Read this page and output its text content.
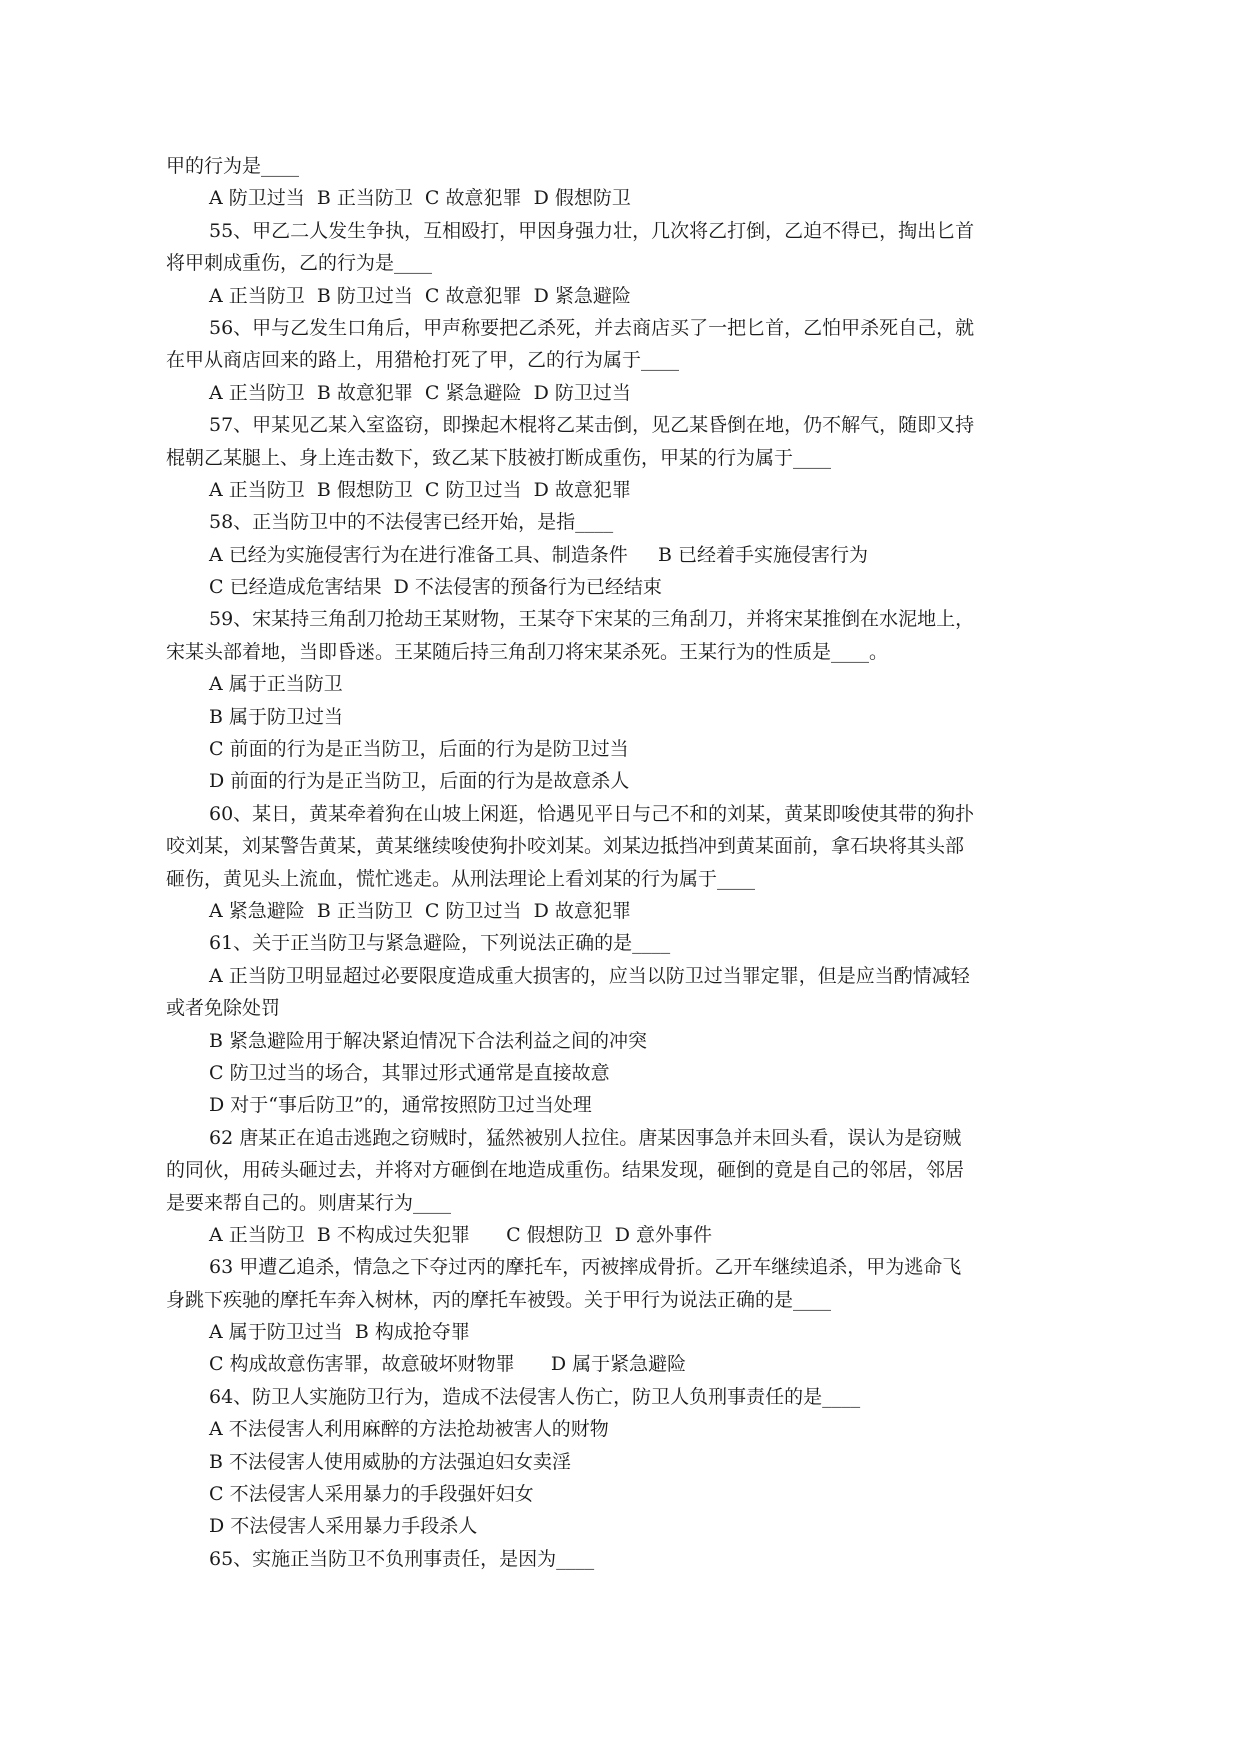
甲的行为是____
A 防卫过当  B 正当防卫  C 故意犯罪  D 假想防卫
55、甲乙二人发生争执，互相殴打，甲因身强力壮，几次将乙打倒，乙迫不得已，掏出匕首
将甲刺成重伤，乙的行为是____
A 正当防卫  B 防卫过当  C 故意犯罪  D 紧急避险
56、甲与乙发生口角后，甲声称要把乙杀死，并去商店买了一把匕首，乙怕甲杀死自己，就
在甲从商店回来的路上，用猎枪打死了甲，乙的行为属于____
A 正当防卫  B 故意犯罪  C 紧急避险  D 防卫过当
57、甲某见乙某入室盗窃，即操起木棍将乙某击倒，见乙某昏倒在地，仍不解气，随即又持
棍朝乙某腿上、身上连击数下，致乙某下肢被打断成重伤，甲某的行为属于____
A 正当防卫  B 假想防卫  C 防卫过当  D 故意犯罪
58、正当防卫中的不法侵害已经开始，是指____
A 已经为实施侵害行为在进行准备工具、制造条件     B 已经着手实施侵害行为
C 已经造成危害结果  D 不法侵害的预备行为已经结束
59、宋某持三角刮刀抢劫王某财物，王某夺下宋某的三角刮刀，并将宋某推倒在水泥地上，
宋某头部着地，当即昏迷。王某随后持三角刮刀将宋某杀死。王某行为的性质是____。
A 属于正当防卫
B 属于防卫过当
C 前面的行为是正当防卫，后面的行为是防卫过当
D 前面的行为是正当防卫，后面的行为是故意杀人
60、某日，黄某牵着狗在山坡上闲逛，恰遇见平日与己不和的刘某，黄某即唆使其带的狗扑
咬刘某，刘某警告黄某，黄某继续唆使狗扑咬刘某。刘某边抵挡冲到黄某面前，拿石块将其头部
砸伤，黄见头上流血，慌忙逃走。从刑法理论上看刘某的行为属于____
A 紧急避险  B 正当防卫  C 防卫过当  D 故意犯罪
61、关于正当防卫与紧急避险，下列说法正确的是____
A 正当防卫明显超过必要限度造成重大损害的，应当以防卫过当罪定罪，但是应当酌情减轻
或者免除处罚
B 紧急避险用于解决紧迫情况下合法利益之间的冲突
C 防卫过当的场合，其罪过形式通常是直接故意
D 对于“事后防卫”的，通常按照防卫过当处理
62 唐某正在追击逃跑之窃贼时，猛然被别人拉住。唐某因事急并未回头看，误认为是窃贼
的同伙，用砖头砸过去，并将对方砸倒在地造成重伤。结果发现，砸倒的竟是自己的邻居，邻居
是要来帮自己的。则唐某行为____
A 正当防卫  B 不构成过失犯罪      C 假想防卫  D 意外事件
63 甲遭乙追杀，情急之下夺过丙的摩托车，丙被摔成骨折。乙开车继续追杀，甲为逃命飞
身跳下疾驰的摩托车奔入树林，丙的摩托车被毁。关于甲行为说法正确的是____
A 属于防卫过当  B 构成抢夺罪
C 构成故意伤害罪，故意破坏财物罪      D 属于紧急避险
64、防卫人实施防卫行为，造成不法侵害人伤亡，防卫人负刑事责任的是____
A 不法侵害人利用麻醉的方法抢劫被害人的财物
B 不法侵害人使用威胁的方法强迫妇女卖淫
C 不法侵害人采用暴力的手段强奸妇女
D 不法侵害人采用暴力手段杀人
65、实施正当防卫不负刑事责任，是因为____
